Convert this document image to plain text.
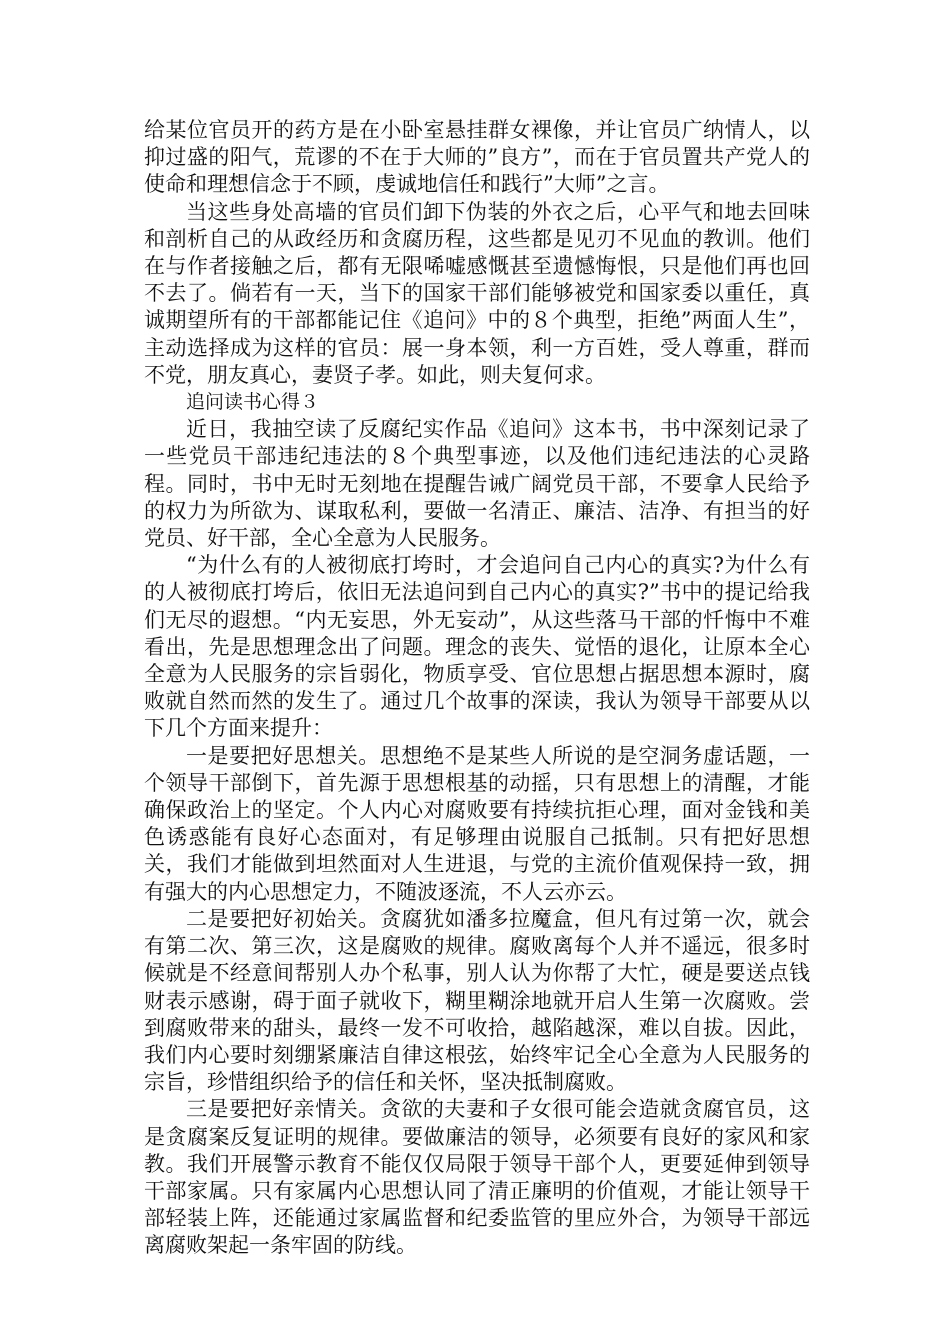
给某位官员开的药方是在小卧室悬挂群女裸像，并让官员广纳情人，以抑过盛的阳气，荒谬的不在于大师的”良方”，而在于官员置共产党人的使命和理想信念于不顾，虔诚地信任和践行”大师”之言。

当这些身处高墙的官员们卸下伪装的外衣之后，心平气和地去回味和剖析自己的从政经历和贪腐历程，这些都是见刃不见血的教训。他们在与作者接触之后，都有无限唏嘘感慨甚至遗憾悔恨，只是他们再也回不去了。倘若有一天，当下的国家干部们能够被党和国家委以重任，真诚期望所有的干部都能记住《追问》中的８个典型，拒绝”两面人生”，主动选择成为这样的官员：展一身本领，利一方百姓，受人尊重，群而不党，朋友真心，妻贤子孝。如此，则夫复何求。

追问读书心得３

近日，我抽空读了反腐纪实作品《追问》这本书，书中深刻记录了一些党员干部违纪违法的８个典型事迹，以及他们违纪违法的心灵路程。同时，书中无时无刻地在提醒告诫广阔党员干部，不要拿人民给予的权力为所欲为、谋取私利，要做一名清正、廉洁、洁净、有担当的好党员、好干部，全心全意为人民服务。

“为什么有的人被彻底打垮时，才会追问自己内心的真实?为什么有的人被彻底打垮后，依旧无法追问到自己内心的真实?”书中的提记给我们无尽的遐想。“内无妄思，外无妄动”，从这些落马干部的忏悔中不难看出，先是思想理念出了问题。理念的丧失、觉悟的退化，让原本全心全意为人民服务的宗旨弱化，物质享受、官位思想占据思想本源时，腐败就自然而然的发生了。通过几个故事的深读，我认为领导干部要从以下几个方面来提升：

一是要把好思想关。思想绝不是某些人所说的是空洞务虚话题，一个领导干部倒下，首先源于思想根基的动摇，只有思想上的清醒，才能确保政治上的坚定。个人内心对腐败要有持续抗拒心理，面对金钱和美色诱惑能有良好心态面对，有足够理由说服自己抵制。只有把好思想关，我们才能做到坦然面对人生进退，与党的主流价值观保持一致，拥有强大的内心思想定力，不随波逐流，不人云亦云。

二是要把好初始关。贪腐犹如潘多拉魔盒，但凡有过第一次，就会有第二次、第三次，这是腐败的规律。腐败离每个人并不遥远，很多时候就是不经意间帮别人办个私事，别人认为你帮了大忙，硬是要送点钱财表示感谢，碍于面子就收下，糊里糊涂地就开启人生第一次腐败。尝到腐败带来的甜头，最终一发不可收拾，越陷越深，难以自拔。因此，我们内心要时刻绷紧廉洁自律这根弦，始终牢记全心全意为人民服务的宗旨，珍惜组织给予的信任和关怀，坚决抵制腐败。

三是要把好亲情关。贪欲的夫妻和子女很可能会造就贪腐官员，这是贪腐案反复证明的规律。要做廉洁的领导，必须要有良好的家风和家教。我们开展警示教育不能仅仅局限于领导干部个人，更要延伸到领导干部家属。只有家属内心思想认同了清正廉明的价值观，才能让领导干部轻装上阵，还能通过家属监督和纪委监管的里应外合，为领导干部远离腐败架起一条牢固的防线。
